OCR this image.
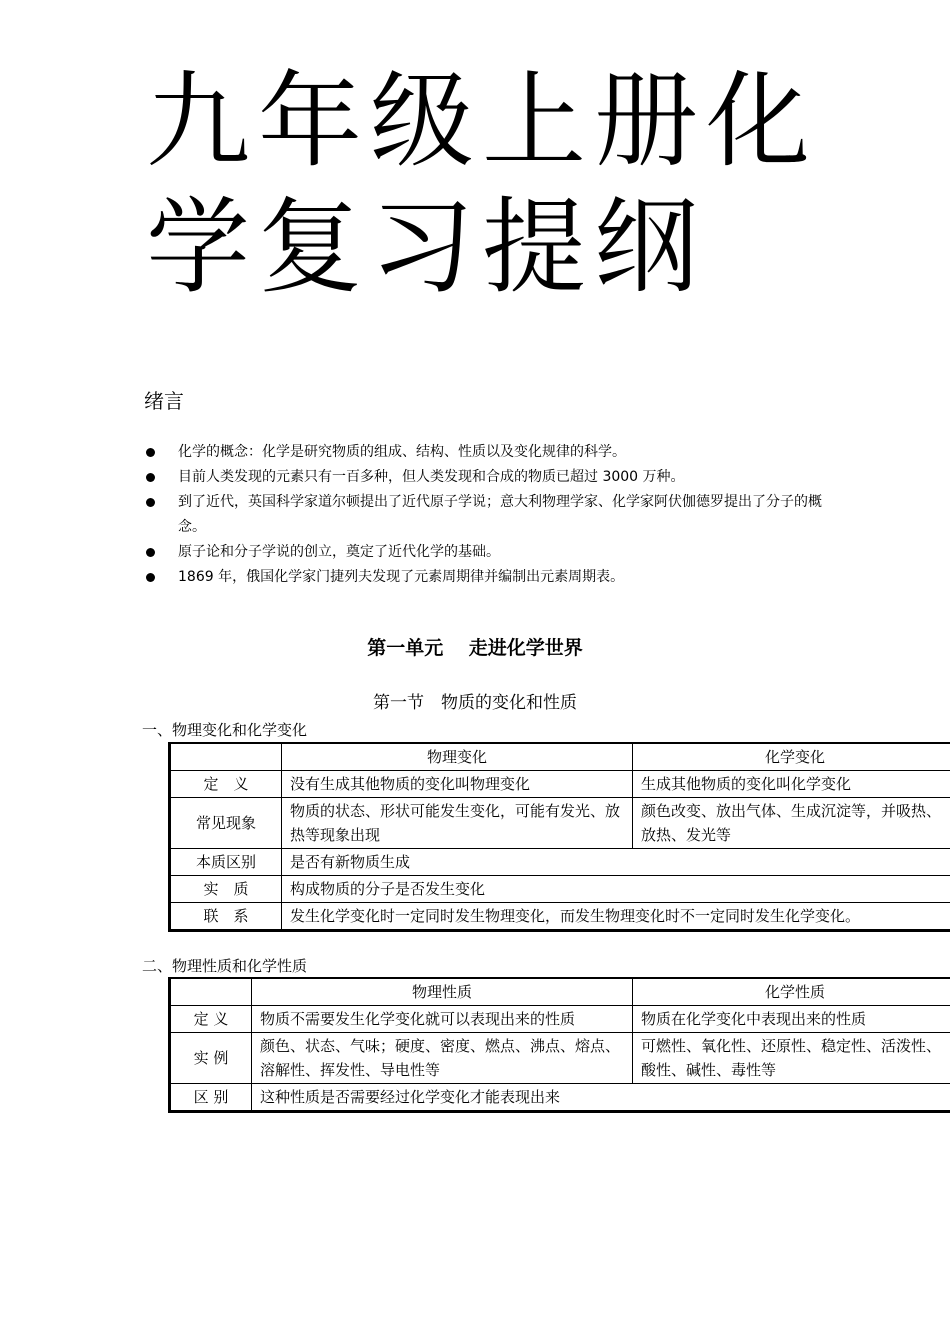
九年级上册化
学复习提纲
绪言
化学的概念：化学是研究物质的组成、结构、性质以及变化规律的科学。
目前人类发现的元素只有一百多种，但人类发现和合成的物质已超过 3000 万种。
到了近代，英国科学家道尔顿提出了近代原子学说；意大利物理学家、化学家阿伏伽德罗提出了分子的概念。
原子论和分子学说的创立，奠定了近代化学的基础。
1869 年，俄国化学家门捷列夫发现了元素周期律并编制出元素周期表。
第一单元　 走进化学世界
第一节　物质的变化和性质
一、物理变化和化学变化
	物理变化	化学变化
定　义	没有生成其他物质的变化叫物理变化	生成其他物质的变化叫化学变化
常见现象	物质的状态、形状可能发生变化，可能有发光、放热等现象出现	颜色改变、放出气体、生成沉淀等，并吸热、放热、发光等
本质区别	是否有新物质生成	
实　质	构成物质的分子是否发生变化	
联　系	发生化学变化时一定同时发生物理变化，而发生物理变化时不一定同时发生化学变化。	
二、物理性质和化学性质
	物理性质	化学性质
定 义	物质不需要发生化学变化就可以表现出来的性质	物质在化学变化中表现出来的性质
实 例	颜色、状态、气味；硬度、密度、燃点、沸点、熔点、溶解性、挥发性、导电性等	可燃性、氧化性、还原性、稳定性、活泼性、酸性、碱性、毒性等
区 别	这种性质是否需要经过化学变化才能表现出来	
